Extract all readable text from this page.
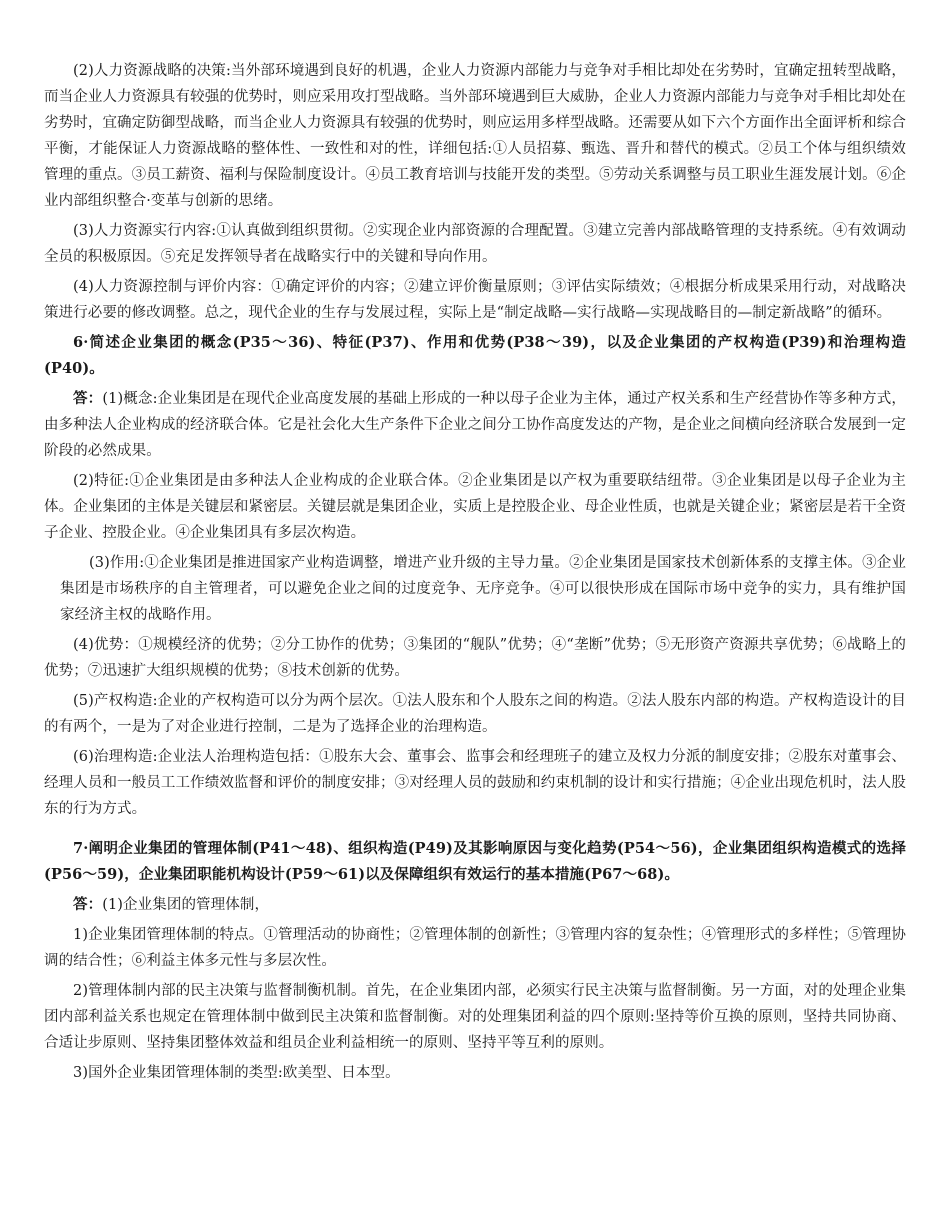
(2)人力资源战略的决策:当外部环境遇到良好的机遇，企业人力资源内部能力与竞争对手相比却处在劣势时，宜确定扭转型战略，而当企业人力资源具有较强的优势时，则应采用攻打型战略。当外部环境遇到巨大威胁，企业人力资源内部能力与竞争对手相比却处在劣势时，宜确定防御型战略，而当企业人力资源具有较强的优势时，则应运用多样型战略。还需要从如下六个方面作出全面评析和综合平衡，才能保证人力资源战略的整体性、一致性和对的性，详细包括:①人员招募、甄选、晋升和替代的模式。②员工个体与组织绩效管理的重点。③员工薪资、福利与保险制度设计。④员工教育培训与技能开发的类型。⑤劳动关系调整与员工职业生涯发展计划。⑥企业内部组织整合·变革与创新的思绪。

(3)人力资源实行内容:①认真做到组织贯彻。②实现企业内部资源的合理配置。③建立完善内部战略管理的支持系统。④有效调动全员的积极原因。⑤充足发挥领导者在战略实行中的关键和导向作用。

(4)人力资源控制与评价内容：①确定评价的内容；②建立评价衡量原则；③评估实际绩效；④根据分析成果采用行动，对战略决策进行必要的修改调整。总之，现代企业的生存与发展过程，实际上是“制定战略—实行战略—实现战略目的—制定新战略”的循环。

6·简述企业集团的概念(P35～36)、特征(P37)、作用和优势(P38～39)，以及企业集团的产权构造(P39)和治理构造(P40)。

答：(1)概念:企业集团是在现代企业高度发展的基础上形成的一种以母子企业为主体，通过产权关系和生产经营协作等多种方式，由多种法人企业构成的经济联合体。它是社会化大生产条件下企业之间分工协作高度发达的产物，是企业之间横向经济联合发展到一定阶段的必然成果。

(2)特征:①企业集团是由多种法人企业构成的企业联合体。②企业集团是以产权为重要联结纽带。③企业集团是以母子企业为主体。企业集团的主体是关键层和紧密层。关键层就是集团企业，实质上是控股企业、母企业性质，也就是关键企业；紧密层是若干全资子企业、控股企业。④企业集团具有多层次构造。

(3)作用:①企业集团是推进国家产业构造调整，增进产业升级的主导力量。②企业集团是国家技术创新体系的支撑主体。③企业集团是市场秩序的自主管理者，可以避免企业之间的过度竞争、无序竞争。④可以很快形成在国际市场中竞争的实力，具有维护国家经济主权的战略作用。

(4)优势：①规模经济的优势；②分工协作的优势；③集团的“舰队”优势；④“垄断”优势；⑤无形资产资源共享优势；⑥战略上的优势；⑦迅速扩大组织规模的优势；⑧技术创新的优势。

(5)产权构造:企业的产权构造可以分为两个层次。①法人股东和个人股东之间的构造。②法人股东内部的构造。产权构造设计的目的有两个，一是为了对企业进行控制，二是为了选择企业的治理构造。

(6)治理构造:企业法人治理构造包括：①股东大会、董事会、监事会和经理班子的建立及权力分派的制度安排；②股东对董事会、经理人员和一般员工工作绩效监督和评价的制度安排；③对经理人员的鼓励和约束机制的设计和实行措施；④企业出现危机时，法人股东的行为方式。

7·阐明企业集团的管理体制(P41～48)、组织构造(P49)及其影响原因与变化趋势(P54～56)，企业集团组织构造模式的选择(P56～59)，企业集团职能机构设计(P59～61)以及保障组织有效运行的基本措施(P67～68)。

答：(1)企业集团的管理体制，

1)企业集团管理体制的特点。①管理活动的协商性；②管理体制的创新性；③管理内容的复杂性；④管理形式的多样性；⑤管理协调的结合性；⑥利益主体多元性与多层次性。

2)管理体制内部的民主决策与监督制衡机制。首先，在企业集团内部，必须实行民主决策与监督制衡。另一方面，对的处理企业集团内部利益关系也规定在管理体制中做到民主决策和监督制衡。对的处理集团利益的四个原则:坚持等价互换的原则，坚持共同协商、合适让步原则、坚持集团整体效益和组员企业利益相统一的原则、坚持平等互利的原则。

3)国外企业集团管理体制的类型:欧美型、日本型。
